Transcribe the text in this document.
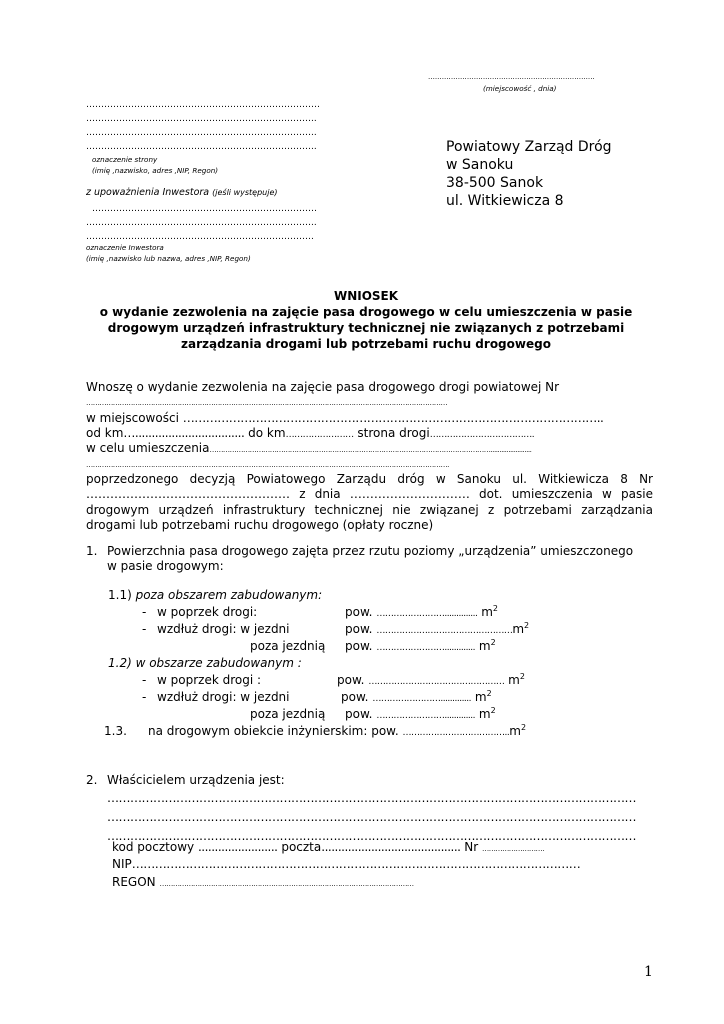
.........................................................................
(miejscowość , dnia)
……………………………………………………………………
…………………………………………………………………..
…………………………………………………………………..
…………………………………………………………………..
oznaczenie strony
(imię ,nazwisko, adres ,NIP, Regon)
z upoważnienia Inwestora (jeśli występuje)
…………………………………………………………………
…………………………………………………………………..
………………………………………………………………….
oznaczenie Inwestora
(imię ,nazwisko lub nazwa, adres ,NIP, Regon)
Powiatowy Zarząd Dróg
w Sanoku
38-500 Sanok
ul. Witkiewicza 8
WNIOSEK
o wydanie zezwolenia na zajęcie pasa drogowego w celu umieszczenia w pasie drogowym urządzeń infrastruktury technicznej nie związanych z potrzebami zarządzania drogami lub potrzebami ruchu drogowego
Wnoszę o wydanie zezwolenia na zajęcie pasa drogowego drogi powiatowej Nr
………………………………………………………………………………………………………………………………………………
w miejscowości ………………………………………………………………………………………………..
od km…................................. do km…………………… strona drogi……………………………….
w celu umieszczenia……………………………………………………………………………………………………………….......................
……………………………………………………………………………………………………………………………………………….
poprzedzonego decyzją Powiatowego Zarządu dróg w Sanoku ul. Witkiewicza 8 Nr …………………………………………… z dnia ………………………… dot. umieszczenia w pasie drogowym urządzeń infrastruktury technicznej nie związanej z potrzebami zarządzania drogami lub potrzebami ruchu drogowego (opłaty roczne)
1. Powierzchnia pasa drogowego zajęta przez rzutu poziomy „urządzenia” umieszczonego
w pasie drogowym:
1.1) poza obszarem zabudowanym:
- w poprzek drogi:	pow. …………………….............. $m^2$
- wzdłuż drogi: w jezdni	pow. $\dots\dots\dots\dots\dots\dots\dots\dots\dots\dots\dots\dots\dots\dots\dots\dots m^2$
poza jezdnią pow. ……………………............. $m^2$
1.2) w obszarze zabudowanym :
- w poprzek drogi :	pow. ………………………………………… $m^2$
- wzdłuż drogi: w jezdni	pow. ……………………............. $m^2$
poza jezdnią pow. ……………………............. $m^2$
1.3. na drogowym obiekcie inżynierskim: pow. $\dots\dots\dots\dots\dots\dots\dots\dots\dots\dots\dots\dots..m^2$
2. Właścicielem urządzenia jest:
…………………………………………………………………………………………………………………………
…………………………………………………………………………………………………………………………
…………………………………………………………………………………………………………………………
kod pocztowy ........................ poczta.......................................... Nr ……………………….
NIP………………………………………………………………………………………………………
REGON ……………………………………………………………………………………………………
1
